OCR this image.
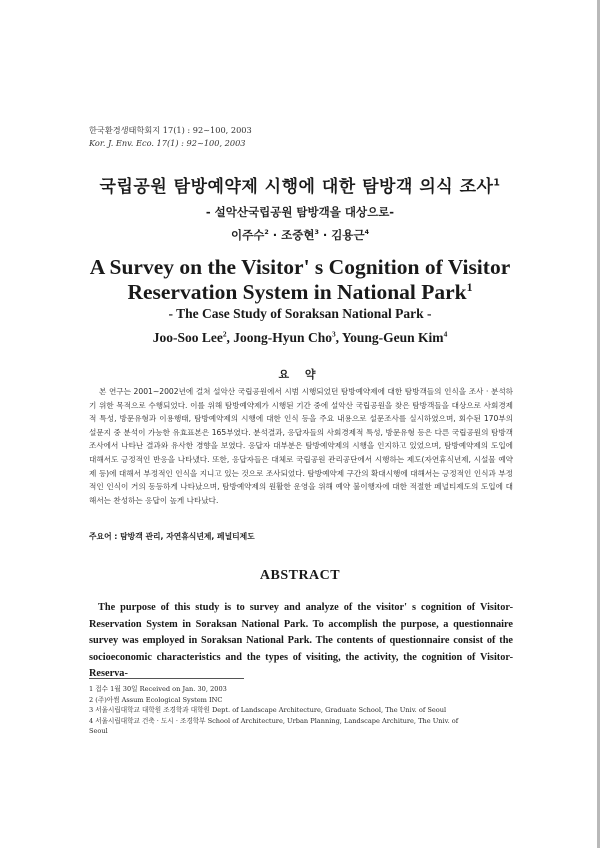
한국환경생태학회지 17(1) : 92~100, 2003
Kor. J. Env. Eco. 17(1) : 92~100, 2003
국립공원 탐방예약제 시행에 대한 탐방객 의식 조사$^1$
- 설악산국립공원 탐방객을 대상으로-
이주수$^2$ · 조중현$^3$ · 김용근$^4$
A Survey on the Visitor' s Cognition of Visitor
Reservation System in National Park$^1$
- The Case Study of Soraksan National Park -
Joo-Soo Lee$^2$, Joong-Hyun Cho$^3$, Young-Geun Kim$^4$
요 약

본 연구는 2001~2002년에 걸쳐 설악산 국립공원에서 시범 시행되었던 탐방예약제에 대한 탐방객들의 인식을 조사 · 분석하기 위한 목적으로 수행되었다. 이를 위해 탐방예약제가 시행된 기간 중에 설악산 국립공원을 찾은 탐방객들을 대상으로 사회경제적 특성, 방문유형과 이용행태, 탐방예약제의 시행에 대한 인식 등을 주요 내용으로 설문조사를 실시하였으며, 회수된 170부의 설문지 중 분석이 가능한 유효표본은 165부였다. 분석결과, 응답자들의 사회경제적 특성, 방문유형 등은 다른 국립공원의 탐방객 조사에서 나타난 결과와 유사한 경향을 보였다. 응답자 대부분은 탐방예약제의 시행을 인지하고 있었으며, 탐방예약제의 도입에 대해서도 긍정적인 반응을 나타냈다. 또한, 응답자들은 대체로 국립공원 관리공단에서 시행하는 제도(자연휴식년제, 시설물 예약제 등)에 대해서 부정적인 인식을 지니고 있는 것으로 조사되었다. 탐방예약제 구간의 확대시행에 대해서는 긍정적인 인식과 부정적인 인식이 거의 동등하게 나타났으며, 탐방예약제의 원활한 운영을 위해 예약 불이행자에 대한 적절한 페널티제도의 도입에 대해서는 찬성하는 응답이 높게 나타났다.

주요어 : 탐방객 관리, 자연휴식년제, 페널티제도
ABSTRACT

The purpose of this study is to survey and analyze of the visitor' s cognition of Visitor-Reservation System in Soraksan National Park. To accomplish the purpose, a questionnaire survey was employed in Soraksan National Park. The contents of questionnaire consist of the socioeconomic characteristics and the types of visiting, the activity, the cognition of Visitor-Reserva-

1 접수 1월 30일 Received on Jan. 30, 2003
2 (주)아썸 Assum Ecological System INC
3 서울시립대학교 대학원 조경학과 대학원 Dept. of Landscape Architecture, Graduate School, The Univ. of Seoul
4 서울시립대학교 건축 · 도시 · 조경학부 School of Architecture, Urban Planning, Landscape Architure, The Univ. of
Seoul
